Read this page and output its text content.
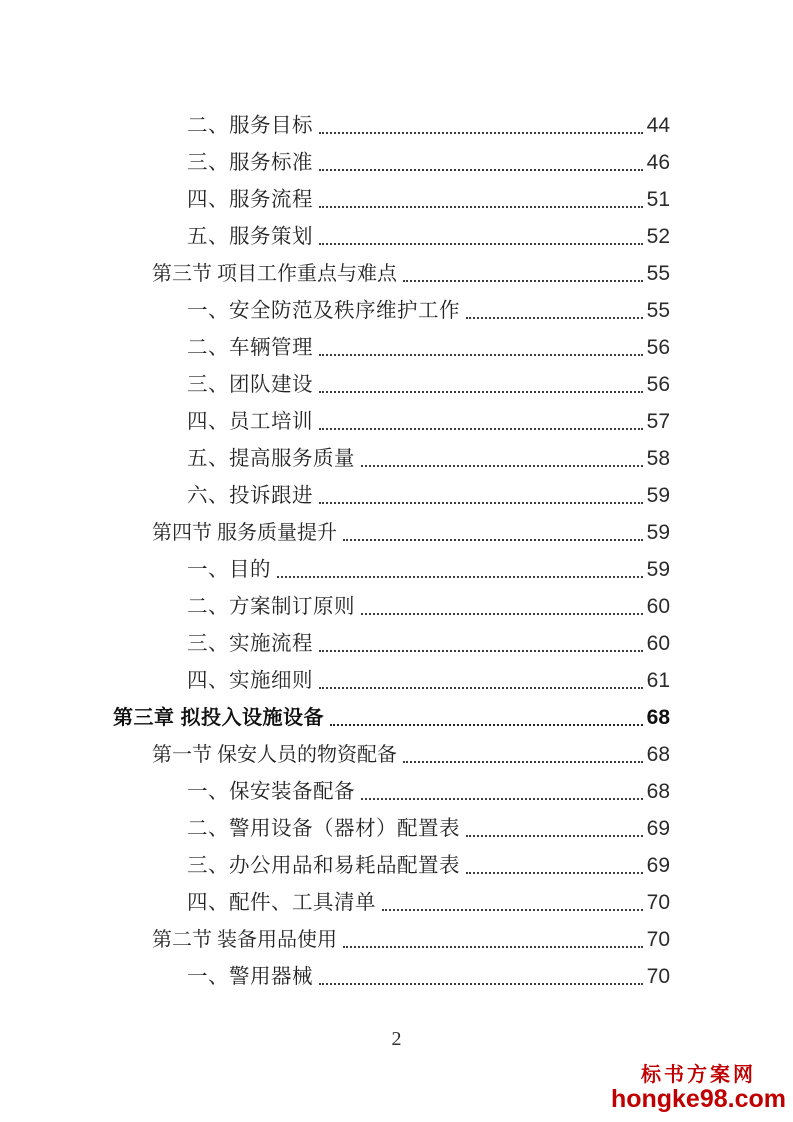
二、服务目标	44
三、服务标准	46
四、服务流程	51
五、服务策划	52
第三节 项目工作重点与难点	55
一、安全防范及秩序维护工作	55
二、车辆管理	56
三、团队建设	56
四、员工培训	57
五、提高服务质量	58
六、投诉跟进	59
第四节 服务质量提升	59
一、目的	59
二、方案制订原则	60
三、实施流程	60
四、实施细则	61
第三章 拟投入设施设备	68
第一节 保安人员的物资配备	68
一、保安装备配备	68
二、警用设备（器材）配置表	69
三、办公用品和易耗品配置表	69
四、配件、工具清单	70
第二节 装备用品使用	70
一、警用器械	70
2
标书方案网
hongke98.com
